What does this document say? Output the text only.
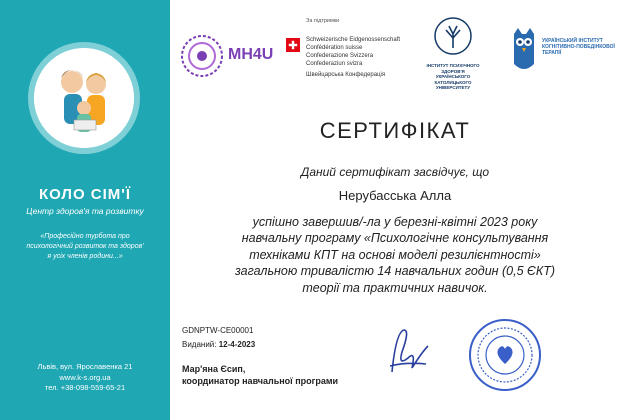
КОЛО СІМ'Ї
Центр здоров'я та розвитку
«Професійно турбота про
психологічний розвиток та здоров'
я усіх членів родини...»
Львів, вул. Ярославенка 21
www.k-s.org.ua
тел. +38-098-559-65-21
MH4U
За підтримки
Schweizerische Eidgenossenschaft
Confédération suisse
Confederazione Svizzera
Confederaziun svizra
Швейцарська Конфедерація
ІНСТИТУТ ПСИХІЧНОГО ЗДОРОВ'Я УКРАЇНСЬКОГО КАТОЛИЦЬКОГО УНІВЕРСИТЕТУ
УКРАЇНСЬКИЙ ІНСТИТУТ КОГНІТИВНО-ПОВЕДІНКОВОЇ ТЕРАПІЇ
СЕРТИФІКАТ
Даний сертифікат засвідчує, що
Нерубасська Алла
успішно завершив/-ла у березні-квітні 2023 року
навчальну програму «Психологічне консультування
техніками КПТ на основі моделі резилієнтності»
загальною тривалістю 14 навчальних годин (0,5 ЄКТ)
теорії та практичних навичок.
GDNPTW-CE00001
Виданий: 12-4-2023
Мар'яна Єсип,
координатор навчальної програми
